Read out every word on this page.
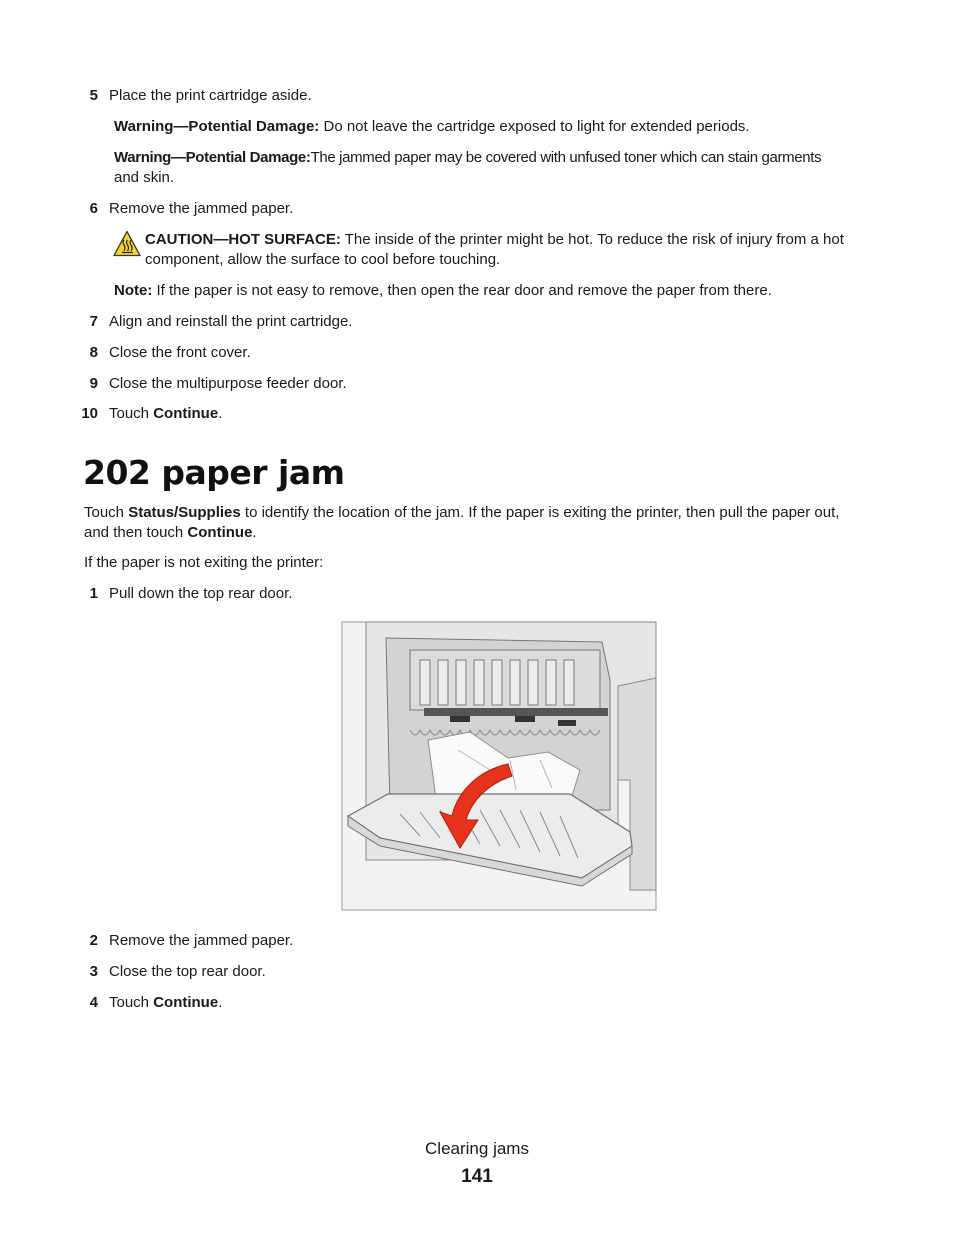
5 Place the print cartridge aside.
Warning—Potential Damage: Do not leave the cartridge exposed to light for extended periods.
Warning—Potential Damage:The jammed paper may be covered with unfused toner which can stain garments
and skin.
6 Remove the jammed paper.
CAUTION—HOT SURFACE: The inside of the printer might be hot. To reduce the risk of injury from a hot
component, allow the surface to cool before touching.
Note: If the paper is not easy to remove, then open the rear door and remove the paper from there.
7 Align and reinstall the print cartridge.
8 Close the front cover.
9 Close the multipurpose feeder door.
10 Touch Continue.
202 paper jam
Touch Status/Supplies to identify the location of the jam. If the paper is exiting the printer, then pull the paper out,
and then touch Continue.
If the paper is not exiting the printer:
1 Pull down the top rear door.
2 Remove the jammed paper.
3 Close the top rear door.
4 Touch Continue.
Clearing jams
141
